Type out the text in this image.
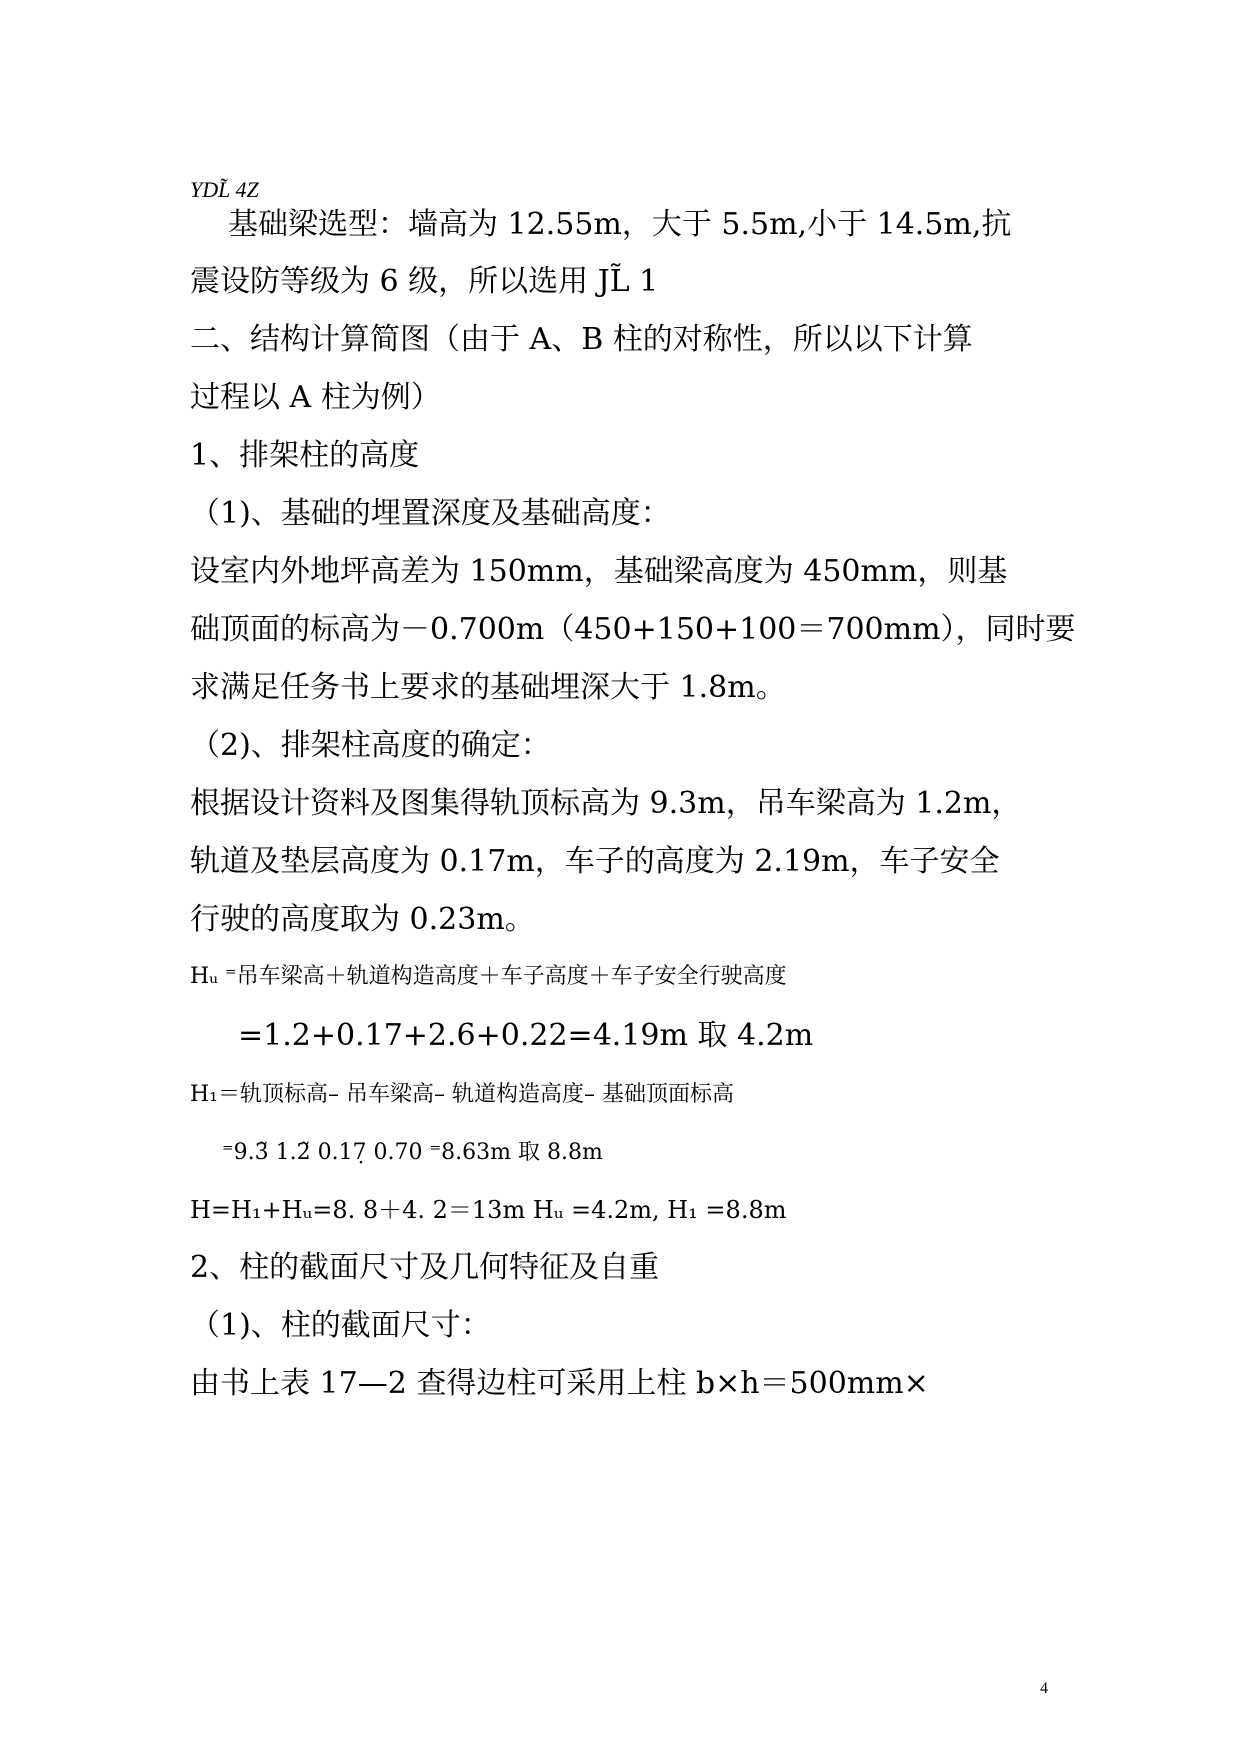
YDL̃ 4Z
基础梁选型：墙高为 12.55m，大于 5.5m,小于 14.5m,抗
震设防等级为 6 级，所以选用 JL̃ 1
二、结构计算简图（由于 A、B 柱的对称性，所以以下计算
过程以 A 柱为例）
1、排架柱的高度
（1)、基础的埋置深度及基础高度：
设室内外地坪高差为 150mm，基础梁高度为 450mm，则基
础顶面的标高为－0.700m（450+150+100＝700mm），同时要
求满足任务书上要求的基础埋深大于 1.8m。
（2)、排架柱高度的确定：
根据设计资料及图集得轨顶标高为 9.3m，吊车梁高为 1.2m，
轨道及垫层高度为 0.17m，车子的高度为 2.19m，车子安全
行驶的高度取为 0.23m。
Hᵤ ⁼吊车梁高＋轨道构造高度＋车子高度＋车子安全行驶高度
=1.2+0.17+2.6+0.22=4.19m 取 4.2m
H₁＝轨顶标高– 吊车梁高– 轨道构造高度– 基础顶面标高
⁼9.3̃ 1.2̃ 0.17̣ 0.70 ⁼8.63m 取 8.8m
H=H₁+Hᵤ=8. 8＋4. 2＝13m Hᵤ =4.2m, H₁ =8.8m
2、柱的截面尺寸及几何特征及自重
（1)、柱的截面尺寸：
由书上表 17—2 查得边柱可采用上柱 b×h＝500mm×
4
